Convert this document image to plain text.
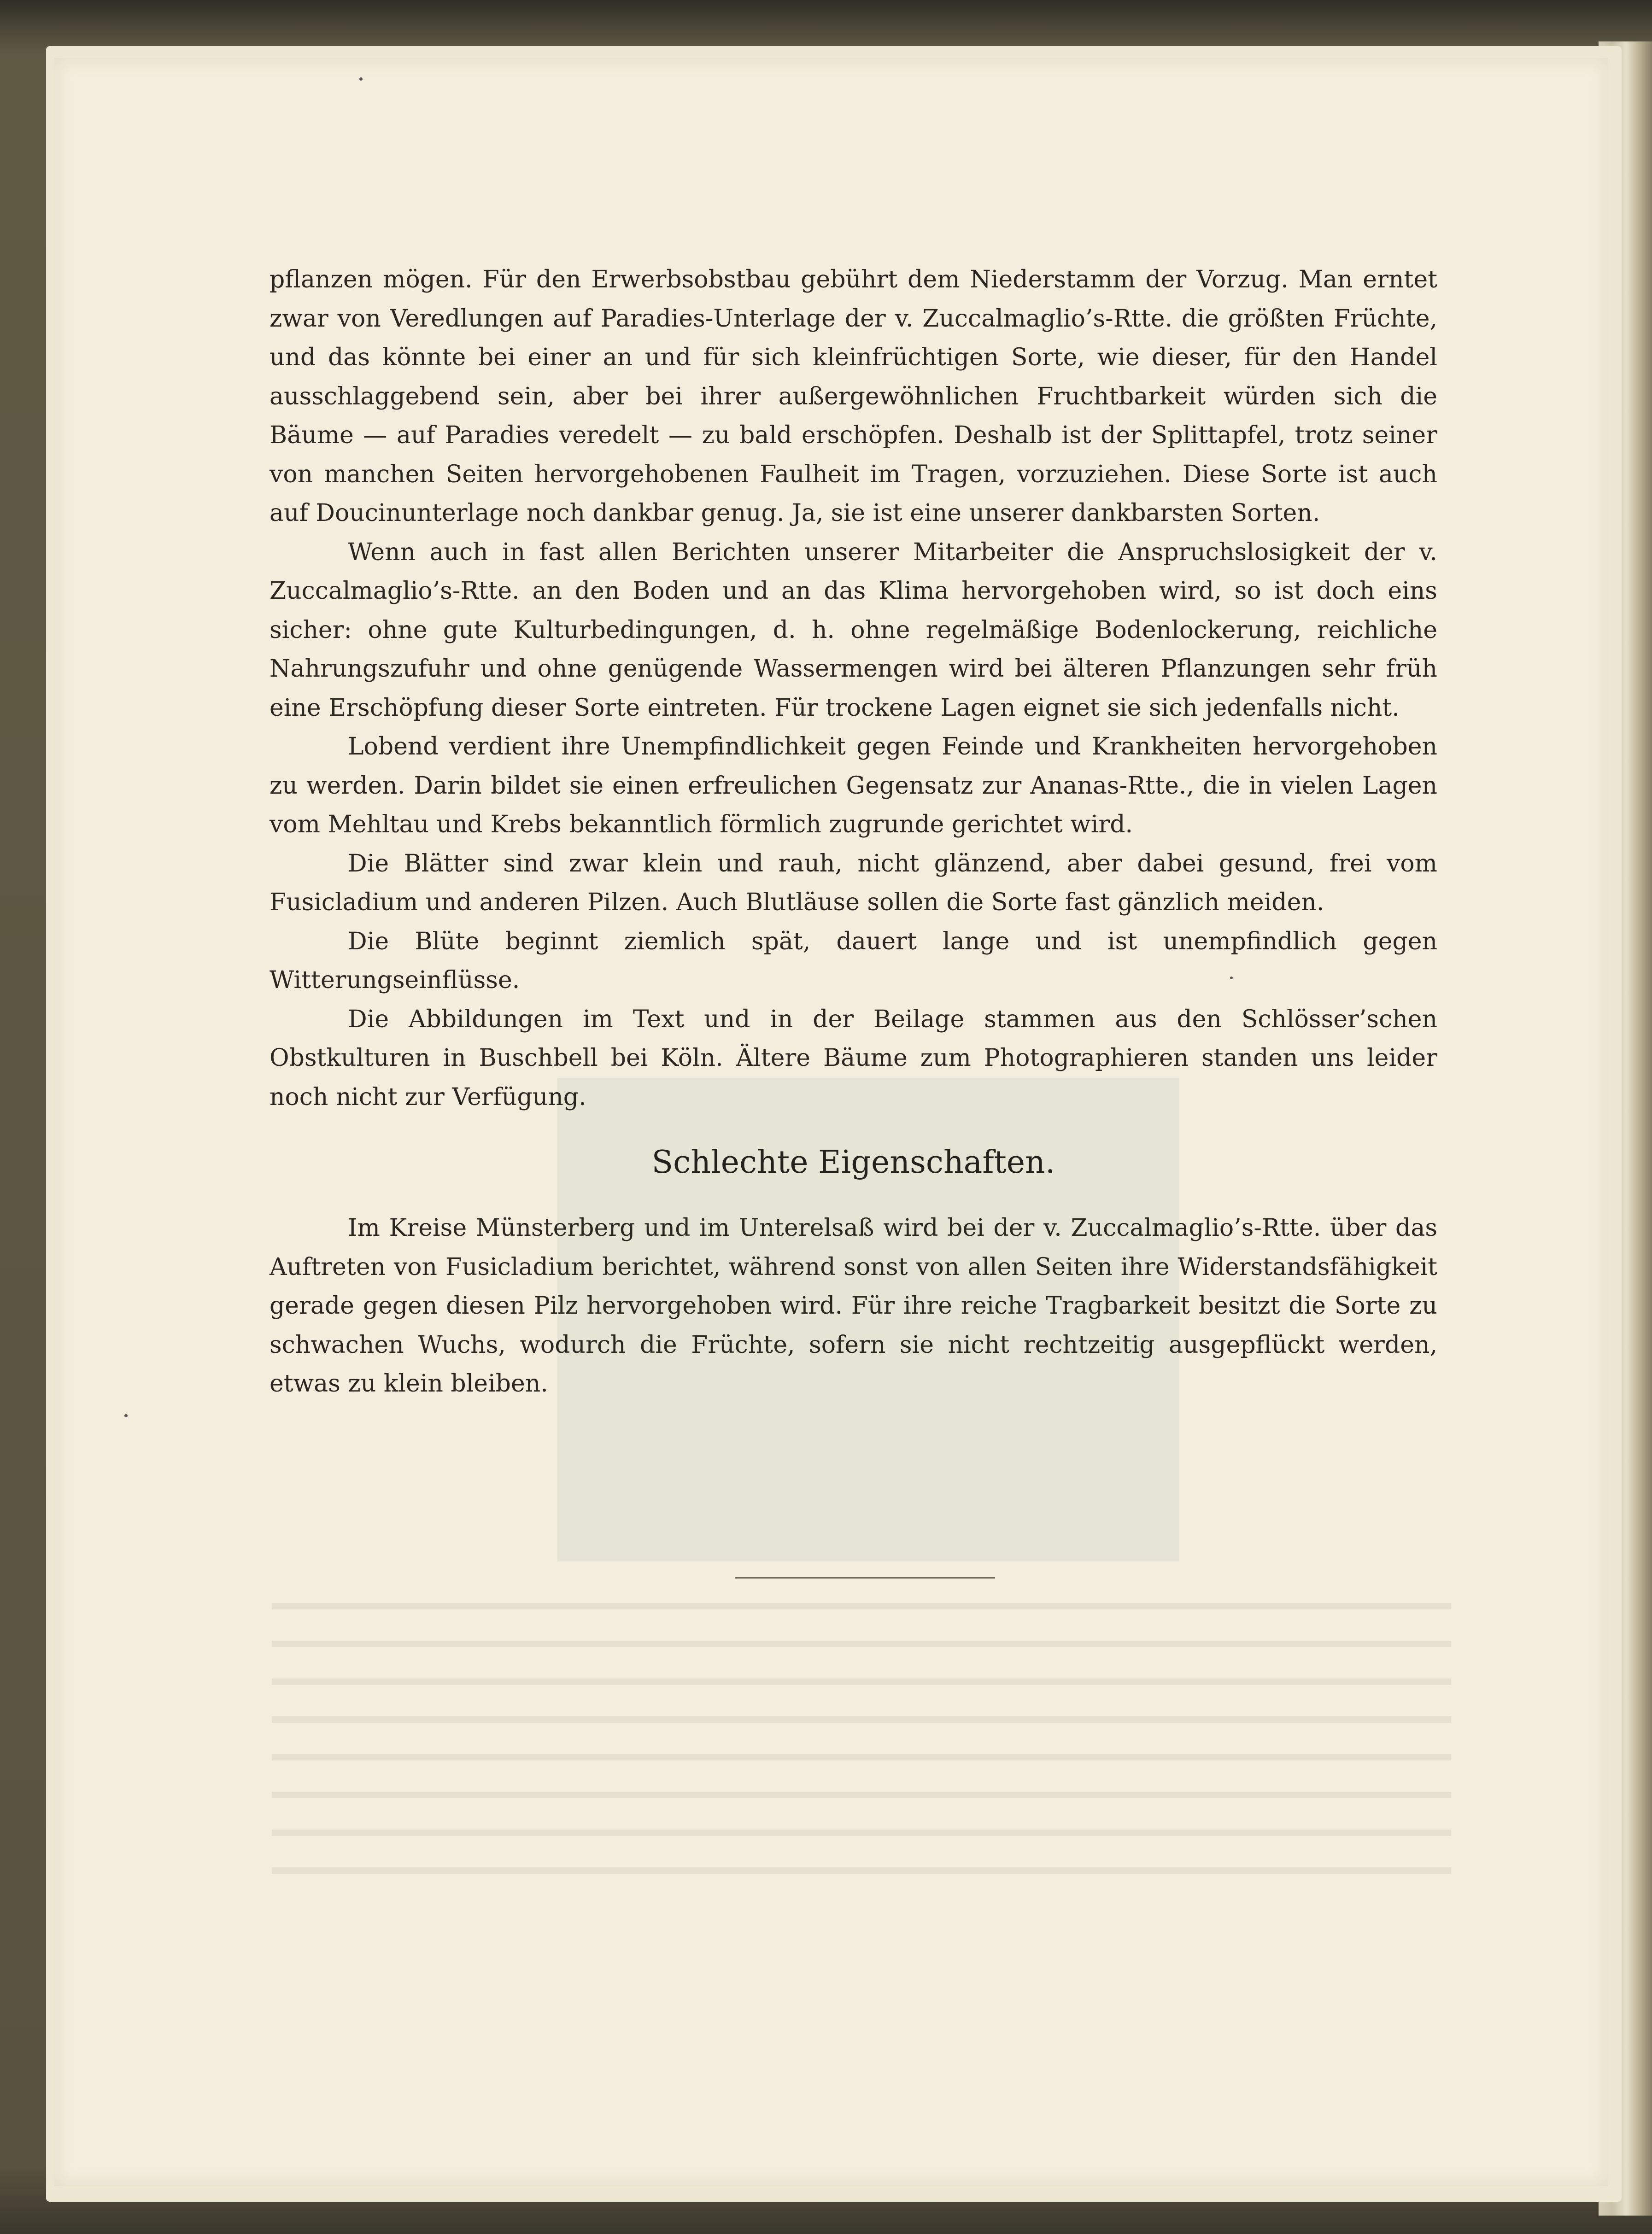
pflanzen mögen. Für den Erwerbsobstbau gebührt dem Niederstamm der Vorzug. Man erntet zwar von Veredlungen auf Paradies-Unterlage der v. Zuccalmaglio’s-Rtte. die größten Früchte, und das könnte bei einer an und für sich kleinfrüchtigen Sorte, wie dieser, für den Handel ausschlaggebend sein, aber bei ihrer außergewöhnlichen Fruchtbarkeit würden sich die Bäume — auf Paradies veredelt — zu bald erschöpfen. Deshalb ist der Splittapfel, trotz seiner von manchen Seiten hervorgehobenen Faulheit im Tragen, vorzuziehen. Diese Sorte ist auch auf Doucinunterlage noch dankbar genug. Ja, sie ist eine unserer dankbarsten Sorten.

Wenn auch in fast allen Berichten unserer Mitarbeiter die Anspruchslosigkeit der v. Zuccalmaglio’s-Rtte. an den Boden und an das Klima hervorgehoben wird, so ist doch eins sicher: ohne gute Kulturbedingungen, d. h. ohne regelmäßige Bodenlockerung, reichliche Nahrungszufuhr und ohne genügende Wassermengen wird bei älteren Pflanzungen sehr früh eine Erschöpfung dieser Sorte eintreten. Für trockene Lagen eignet sie sich jedenfalls nicht.

Lobend verdient ihre Unempfindlichkeit gegen Feinde und Krankheiten hervorgehoben zu werden. Darin bildet sie einen erfreulichen Gegensatz zur Ananas-Rtte., die in vielen Lagen vom Mehltau und Krebs bekanntlich förmlich zugrunde gerichtet wird.

Die Blätter sind zwar klein und rauh, nicht glänzend, aber dabei gesund, frei vom Fusicladium und anderen Pilzen. Auch Blutläuse sollen die Sorte fast gänzlich meiden.

Die Blüte beginnt ziemlich spät, dauert lange und ist unempfindlich gegen Witterungseinflüsse.

Die Abbildungen im Text und in der Beilage stammen aus den Schlösser’schen Obstkulturen in Buschbell bei Köln. Ältere Bäume zum Photographieren standen uns leider noch nicht zur Verfügung.

Schlechte Eigenschaften.

Im Kreise Münsterberg und im Unterelsaß wird bei der v. Zuccalmaglio’s-Rtte. über das Auftreten von Fusicladium berichtet, während sonst von allen Seiten ihre Widerstandsfähigkeit gerade gegen diesen Pilz hervorgehoben wird. Für ihre reiche Tragbarkeit besitzt die Sorte zu schwachen Wuchs, wodurch die Früchte, sofern sie nicht rechtzeitig ausgepflückt werden, etwas zu klein bleiben.
